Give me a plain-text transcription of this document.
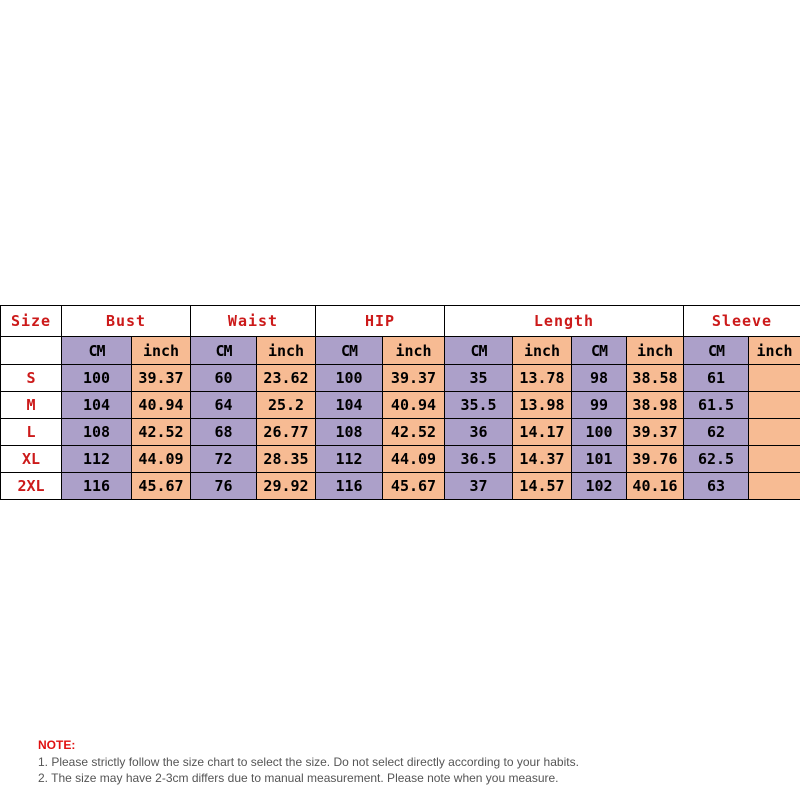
Size	Bust		Waist		HIP		Length				Sleeve	
	CM	inch	CM	inch	CM	inch	CM	inch	CM	inch	CM	inch
S	100	39.37	60	23.62	100	39.37	35	13.78	98	38.58	61	
M	104	40.94	64	25.2	104	40.94	35.5	13.98	99	38.98	61.5	
L	108	42.52	68	26.77	108	42.52	36	14.17	100	39.37	62	
XL	112	44.09	72	28.35	112	44.09	36.5	14.37	101	39.76	62.5	
2XL	116	45.67	76	29.92	116	45.67	37	14.57	102	40.16	63	
NOTE:
1. Please strictly follow the size chart to select the size. Do not select directly according to your habits.
2. The size may have 2-3cm differs due to manual measurement. Please note when you measure.
